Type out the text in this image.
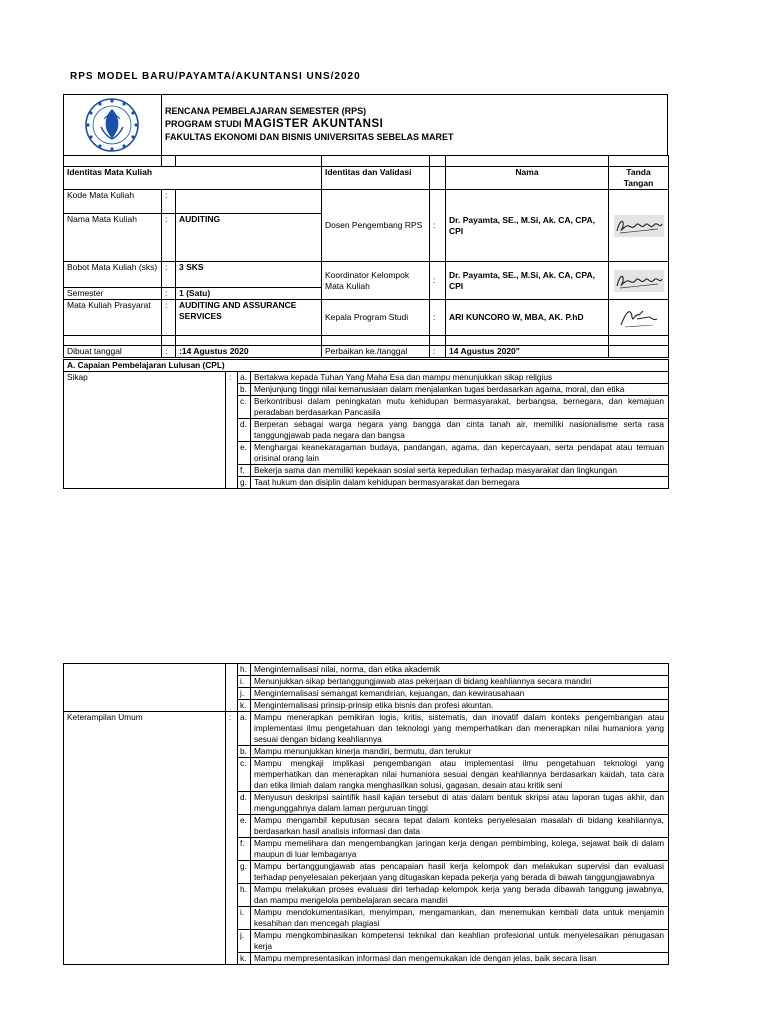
RPS MODEL BARU/PAYAMTA/AKUNTANSI UNS/2020
RENCANA PEMBELAJARAN SEMESTER (RPS)
PROGRAM STUDI MAGISTER AKUNTANSI
FAKULTAS EKONOMI DAN BISNIS UNIVERSITAS SEBELAS MARET

Identitas Mata Kuliah			Identitas dan Validasi		Nama	Tanda Tangan
Kode Mata Kuliah	:		Dosen Pengembang RPS	:	Dr. Payamta, SE., M.Si, Ak. CA, CPA, CPI	

Nama Mata Kuliah	:	AUDITING				
Bobot Mata Kuliah (sks)	:	3 SKS	Koordinator Kelompok Mata Kuliah	:	Dr. Payamta, SE., M.Si, Ak. CA, CPA, CPI	

Semester	:	1 (Satu)				
Mata Kuliah Prasyarat	:	AUDITING AND ASSURANCE SERVICES	Kepala Program Studi	:	ARI KUNCORO W, MBA, AK. P.hD	

Dibuat tanggal	:	:14 Agustus 2020	Perbaikan ke./tanggal	:	14 Agustus 2020"	
A. Capaian Pembelajaran Lulusan (CPL)			
Sikap	:	a.	Bertakwa kepada Tuhan Yang Maha Esa dan mampu menunjukkan sikap religius
		b.	Menjunjung tinggi nilai kemanusiaan dalam menjalankan tugas berdasarkan agama, moral, dan etika
		c.	Berkontribusi dalam peningkatan mutu kehidupan bermasyarakat, berbangsa, bernegara, dan kemajuan peradaban berdasarkan Pancasila
		d.	Berperan sebagai warga negara yang bangga dan cinta tanah air, memiliki nasionalisme serta rasa tanggungjawab pada negara dan bangsa
		e.	Menghargai keanekaragaman budaya, pandangan, agama, dan kepercayaan, serta pendapat atau temuan orisinal orang lain
		f.	Bekerja sama dan memiliki kepekaan sosial serta kepedulian terhadap masyarakat dan lingkungan
		g.	Taat hukum dan disiplin dalam kehidupan bermasyarakat dan bernegara
		h.	Menginternalisasi nilai, norma, dan etika akademik
		i.	Menunjukkan sikap bertanggungjawab atas pekerjaan di bidang keahliannya secara mandiri
		j.	Menginternalisasi semangat kemandirian, kejuangan, dan kewirausahaan
		k.	Menginternalisasi prinsip-prinsip etika bisnis dan profesi akuntan.
Keterampilan Umum	:	a.	Mampu menerapkan pemikiran logis, kritis, sistematis, dan inovatif dalam konteks pengembangan atau implementasi ilmu pengetahuan dan teknologi yang memperhatikan dan menerapkan nilai humaniora yang sesuai dengan bidang keahliannya
		b.	Mampu menunjukkan kinerja mandiri, bermutu, dan terukur
		c.	Mampu mengkaji implikasi pengembangan atau implementasi ilmu pengetahuan teknologi yang memperhatikan dan menerapkan nilai humaniora sesuai dengan keahliannya berdasarkan kaidah, tata cara dan etika ilmiah dalam rangka menghasilkan solusi, gagasan, desain atau kritik seni
		d.	Menyusun deskripsi saintifik hasil kajian tersebut di atas dalam bentuk skripsi atau laporan tugas akhir, dan mengunggahnya dalam laman perguruan tinggi
		e.	Mampu mengambil keputusan secara tepat dalam konteks penyelesaian masalah di bidang keahliannya, berdasarkan hasil analisis informasi dan data
		f.	Mampu memelihara dan mengembangkan jaringan kerja dengan pembimbing, kolega, sejawat baik di dalam maupun di luar lembaganya
		g.	Mampu bertanggungjawab atas pencapaian hasil kerja kelompok dan melakukan supervisi dan evaluasi terhadap penyelesaian pekerjaan yang ditugaskan kepada pekerja yang berada di bawah tanggungjawabnya
		h.	Mampu melakukan proses evaluasi diri terhadap kelompok kerja yang berada dibawah tanggung jawabnya, dan mampu mengelola pembelajaran secara mandiri
		i.	Mampu mendokumentasikan, menyimpan, mengamankan, dan menemukan kembali data untuk menjamin kesahihan dan mencegah plagiasi
		j.	Mampu mengkombinasikan kompetensi teknikal dan keahlian profesional untuk menyelesaikan penugasan kerja
		k.	Mampu mempresentasikan informasi dan mengemukakan ide dengan jelas, baik secara lisan
